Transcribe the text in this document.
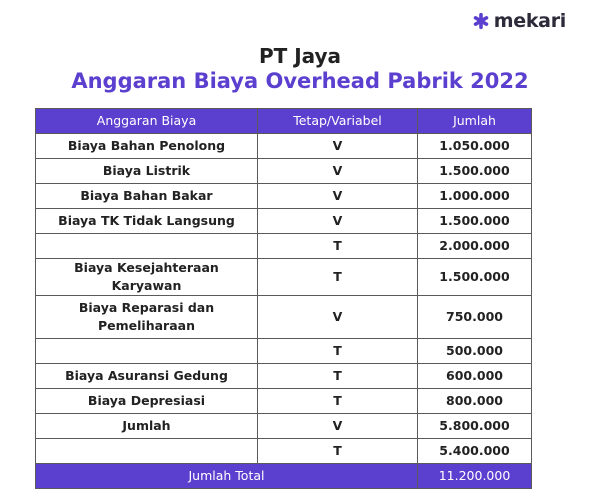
mekari
PT Jaya
Anggaran Biaya Overhead Pabrik 2022
Anggaran Biaya	Tetap/Variabel	Jumlah
Biaya Bahan Penolong	V	1.050.000
Biaya Listrik	V	1.500.000
Biaya Bahan Bakar	V	1.000.000
Biaya TK Tidak Langsung	V	1.500.000
	T	2.000.000
Biaya Kesejahteraan Karyawan	T	1.500.000
Biaya Reparasi dan Pemeliharaan	V	750.000
	T	500.000
Biaya Asuransi Gedung	T	600.000
Biaya Depresiasi	T	800.000
Jumlah	V	5.800.000
	T	5.400.000
Jumlah Total		11.200.000
